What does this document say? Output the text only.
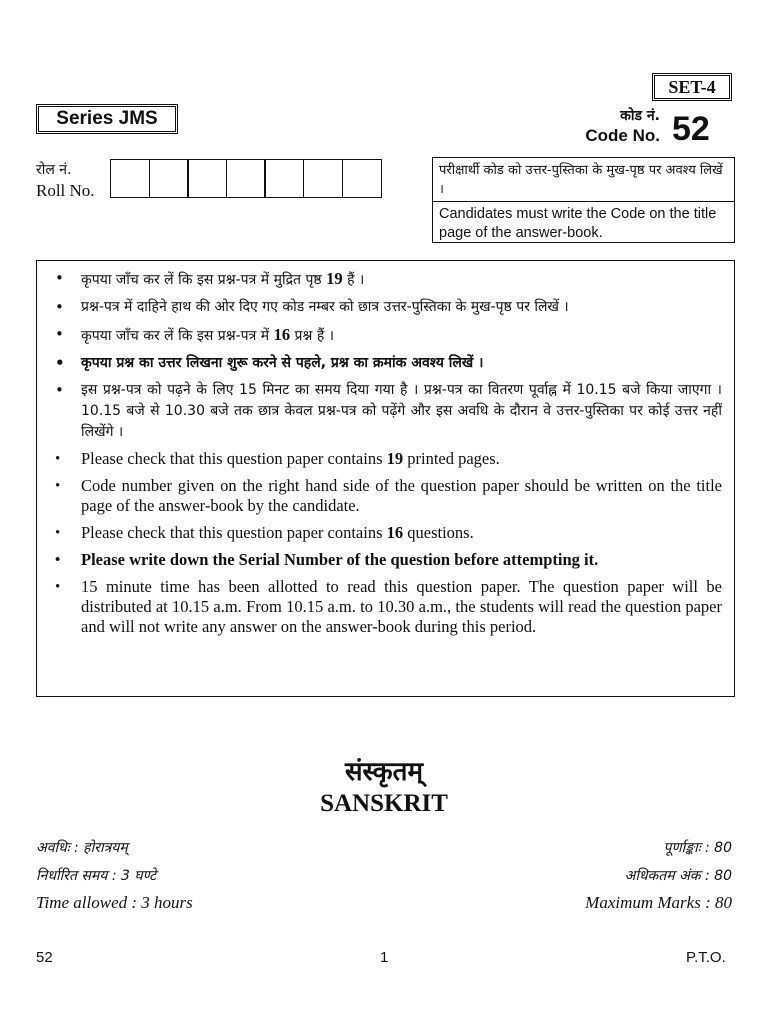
SET-4
Series JMS	कोड नं.
Code No. 52
रोल नं.
Roll No.
परीक्षार्थी कोड को उत्तर-पुस्तिका के मुख-पृष्ठ पर अवश्य लिखें ।
Candidates must write the Code on the title page of the answer-book.
• कृपया जाँच कर लें कि इस प्रश्न-पत्र में मुद्रित पृष्ठ 19 हैं ।
• प्रश्न-पत्र में दाहिने हाथ की ओर दिए गए कोड नम्बर को छात्र उत्तर-पुस्तिका के मुख-पृष्ठ पर लिखें ।
• कृपया जाँच कर लें कि इस प्रश्न-पत्र में 16 प्रश्न हैं ।
• कृपया प्रश्न का उत्तर लिखना शुरू करने से पहले, प्रश्न का क्रमांक अवश्य लिखें ।
• इस प्रश्न-पत्र को पढ़ने के लिए 15 मिनट का समय दिया गया है । प्रश्न-पत्र का वितरण पूर्वाह्न में 10.15 बजे किया जाएगा । 10.15 बजे से 10.30 बजे तक छात्र केवल प्रश्न-पत्र को पढ़ेंगे और इस अवधि के दौरान वे उत्तर-पुस्तिका पर कोई उत्तर नहीं लिखेंगे ।
• Please check that this question paper contains 19 printed pages.
• Code number given on the right hand side of the question paper should be written on the title page of the answer-book by the candidate.
• Please check that this question paper contains 16 questions.
• Please write down the Serial Number of the question before attempting it.
• 15 minute time has been allotted to read this question paper. The question paper will be distributed at 10.15 a.m. From 10.15 a.m. to 10.30 a.m., the students will read the question paper and will not write any answer on the answer-book during this period.
संस्कृतम्
SANSKRIT
अवधिः : होरात्रयम्
निर्धारित समय : 3 घण्टे
Time allowed : 3 hours
पूर्णाङ्काः : 80
अधिकतम अंक : 80
Maximum Marks : 80
52	1	P.T.O.
